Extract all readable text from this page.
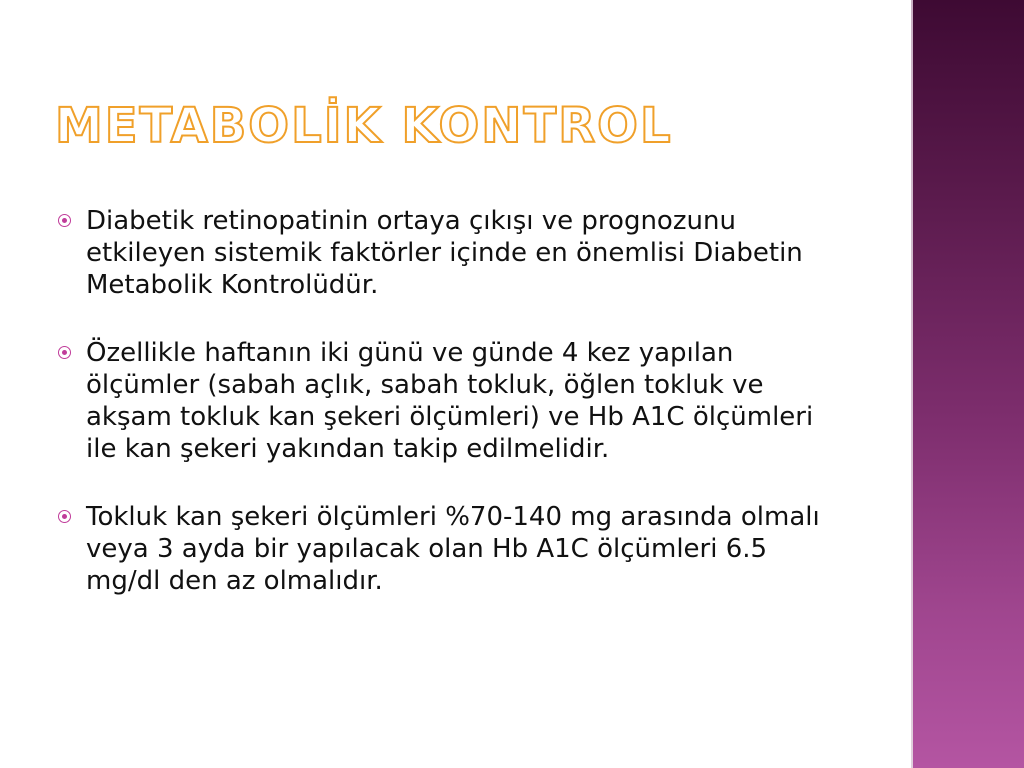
METABOLİK KONTROL
Diabetik retinopatinin ortaya çıkışı ve prognozunu etkileyen sistemik faktörler içinde en önemlisi Diabetin Metabolik Kontrolüdür.
Özellikle haftanın iki günü ve günde 4 kez yapılan ölçümler (sabah açlık, sabah tokluk, öğlen tokluk ve akşam tokluk kan şekeri ölçümleri) ve Hb A1C ölçümleri ile kan şekeri yakından takip edilmelidir.
Tokluk kan şekeri ölçümleri %70-140 mg arasında olmalı veya 3 ayda bir yapılacak olan Hb A1C ölçümleri 6.5 mg/dl den az olmalıdır.
